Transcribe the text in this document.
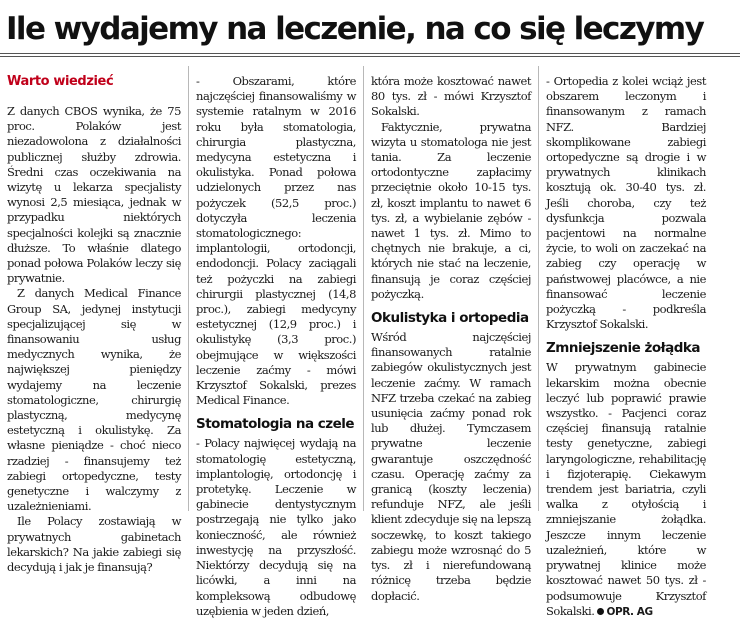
Ile wydajemy na leczenie, na co się leczymy
Warto wiedzieć

Z danych CBOS wynika, że 75 proc. Polaków jest niezadowolona z działalności publicznej służby zdrowia. Średni czas oczekiwania na wizytę u lekarza specjalisty wynosi 2,5 miesiąca, jednak w przypadku niektórych specjalności kolejki są znacznie dłuższe. To właśnie dlatego ponad połowa Polaków leczy się prywatnie.

Z danych Medical Finance Group SA, jedynej instytucji specjalizującej się w finansowaniu usług medycznych wynika, że największej pieniędzy wydajemy na leczenie stomatologiczne, chirurgię plastyczną, medycynę estetyczną i okulistykę. Za własne pieniądze - choć nieco rzadziej - finansujemy też zabiegi ortopedyczne, testy genetyczne i walczymy z uzależnieniami.

Ile Polacy zostawiają w prywatnych gabinetach lekarskich? Na jakie zabiegi się decydują i jak je finansują?

- Obszarami, które najczęściej finansowaliśmy w systemie ratalnym w 2016 roku była stomatologia, chirurgia plastyczna, medycyna estetyczna i okulistyka. Ponad połowa udzielonych przez nas pożyczek (52,5 proc.) dotyczyła leczenia stomatologicznego: implantologii, ortodoncji, endodoncji. Polacy zaciągali też pożyczki na zabiegi chirurgii plastycznej (14,8 proc.), zabiegi medycyny estetycznej (12,9 proc.) i okulistykę (3,3 proc.) obejmujące w większości leczenie zaćmy - mówi Krzysztof Sokalski, prezes Medical Finance.

Stomatologia na czele

- Polacy najwięcej wydają na stomatologię estetyczną, implantologię, ortodoncję i protetykę. Leczenie w gabinecie dentystycznym postrzegają nie tylko jako konieczność, ale również inwestycję na przyszłość. Niektórzy decydują się na licówki, a inni na kompleksową odbudowę uzębienia w jeden dzień,

która może kosztować nawet 80 tys. zł - mówi Krzysztof Sokalski.

Faktycznie, prywatna wizyta u stomatologa nie jest tania. Za leczenie ortodontyczne zapłacimy przeciętnie około 10-15 tys. zł, koszt implantu to nawet 6 tys. zł, a wybielanie zębów - nawet 1 tys. zł. Mimo to chętnych nie brakuje, a ci, których nie stać na leczenie, finansują je coraz częściej pożyczką.

Okulistyka i ortopedia

Wśród najczęściej finansowanych ratalnie zabiegów okulistycznych jest leczenie zaćmy. W ramach NFZ trzeba czekać na zabieg usunięcia zaćmy ponad rok lub dłużej. Tymczasem prywatne leczenie gwarantuje oszczędność czasu. Operację zaćmy za granicą (koszty leczenia) refunduje NFZ, ale jeśli klient zdecyduje się na lepszą soczewkę, to koszt takiego zabiegu może wzrosnąć do 5 tys. zł i nierefundowaną różnicę trzeba będzie dopłacić.

- Ortopedia z kolei wciąż jest obszarem leczonym i finansowanym z ramach NFZ. Bardziej skomplikowane zabiegi ortopedyczne są drogie i w prywatnych klinikach kosztują ok. 30-40 tys. zł. Jeśli choroba, czy też dysfunkcja pozwala pacjentowi na normalne życie, to woli on zaczekać na zabieg czy operację w państwowej placówce, a nie finansować leczenie pożyczką - podkreśla Krzysztof Sokalski.

Zmniejszenie żołądka

W prywatnym gabinecie lekarskim można obecnie leczyć lub poprawić prawie wszystko. - Pacjenci coraz częściej finansują ratalnie testy genetyczne, zabiegi laryngologiczne, rehabilitację i fizjoterapię. Ciekawym trendem jest bariatria, czyli walka z otyłością i zmniejszanie żołądka. Jeszcze innym leczenie uzależnień, które w prywatnej klinice może kosztować nawet 50 tys. zł - podsumowuje Krzysztof Sokalski. OPR. AG
